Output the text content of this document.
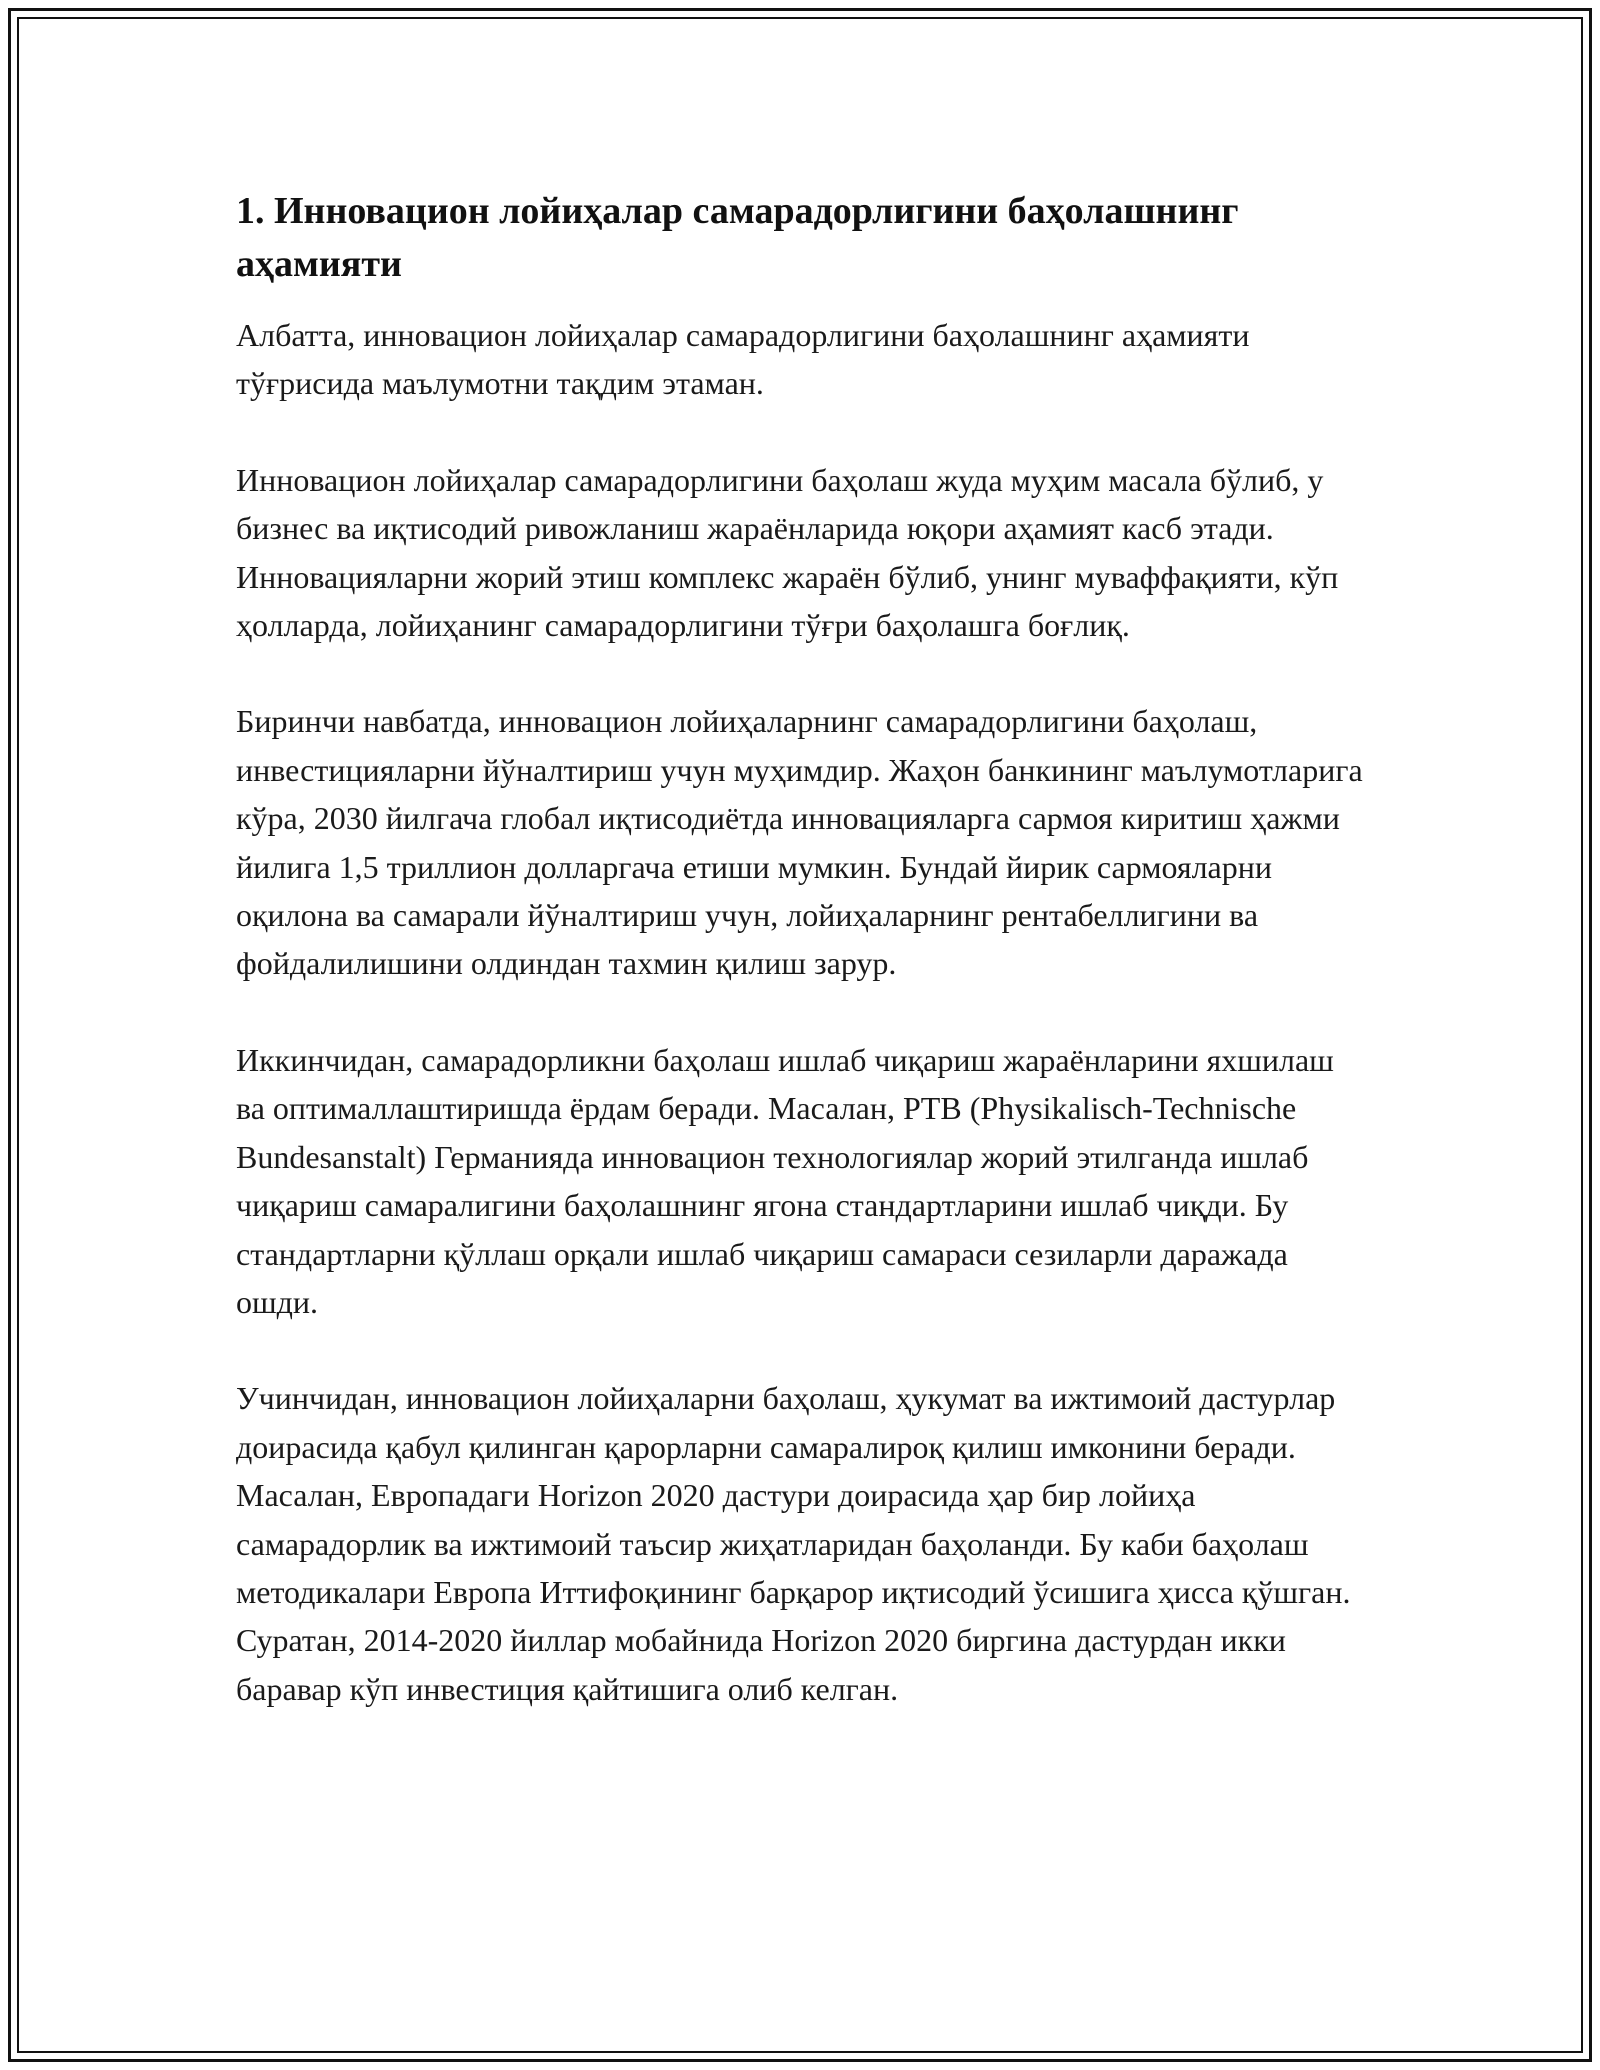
1. Инновацион лойиҳалар самарадорлигини баҳолашнинг аҳамияти

Албатта, инновацион лойиҳалар самарадорлигини баҳолашнинг аҳамияти тўғрисида маълумотни тақдим этаман.

Инновацион лойиҳалар самарадорлигини баҳолаш жуда муҳим масала бўлиб, у бизнес ва иқтисодий ривожланиш жараёнларида юқори аҳамият касб этади. Инновацияларни жорий этиш комплекс жараён бўлиб, унинг муваффақияти, кўп ҳолларда, лойиҳанинг самарадорлигини тўғри баҳолашга боғлиқ.

Биринчи навбатда, инновацион лойиҳаларнинг самарадорлигини баҳолаш, инвестицияларни йўналтириш учун муҳимдир. Жаҳон банкининг маълумотларига кўра, 2030 йилгача глобал иқтисодиётда инновацияларга сармоя киритиш ҳажми йилига 1,5 триллион долларгача етиши мумкин. Бундай йирик сармояларни оқилона ва самарали йўналтириш учун, лойиҳаларнинг рентабеллигини ва фойдалилишини олдиндан тахмин қилиш зарур.

Иккинчидан, самарадорликни баҳолаш ишлаб чиқариш жараёнларини яхшилаш ва оптималлаштиришда ёрдам беради. Масалан, PTB (Physikalisch-Technische Bundesanstalt) Германияда инновацион технологиялар жорий этилганда ишлаб чиқариш самаралигини баҳолашнинг ягона стандартларини ишлаб чиқди. Бу стандартларни қўллаш орқали ишлаб чиқариш самараси сезиларли даражада ошди.

Учинчидан, инновацион лойиҳаларни баҳолаш, ҳукумат ва ижтимоий дастурлар доирасида қабул қилинган қарорларни самаралироқ қилиш имконини беради. Масалан, Европадаги Horizon 2020 дастури доирасида ҳар бир лойиҳа самарадорлик ва ижтимоий таъсир жиҳатларидан баҳоланди. Бу каби баҳолаш методикалари Европа Иттифоқининг барқарор иқтисодий ўсишига ҳисса қўшган. Суратан, 2014-2020 йиллар мобайнида Horizon 2020 биргина дастурдан икки баравар кўп инвестиция қайтишига олиб келган.
